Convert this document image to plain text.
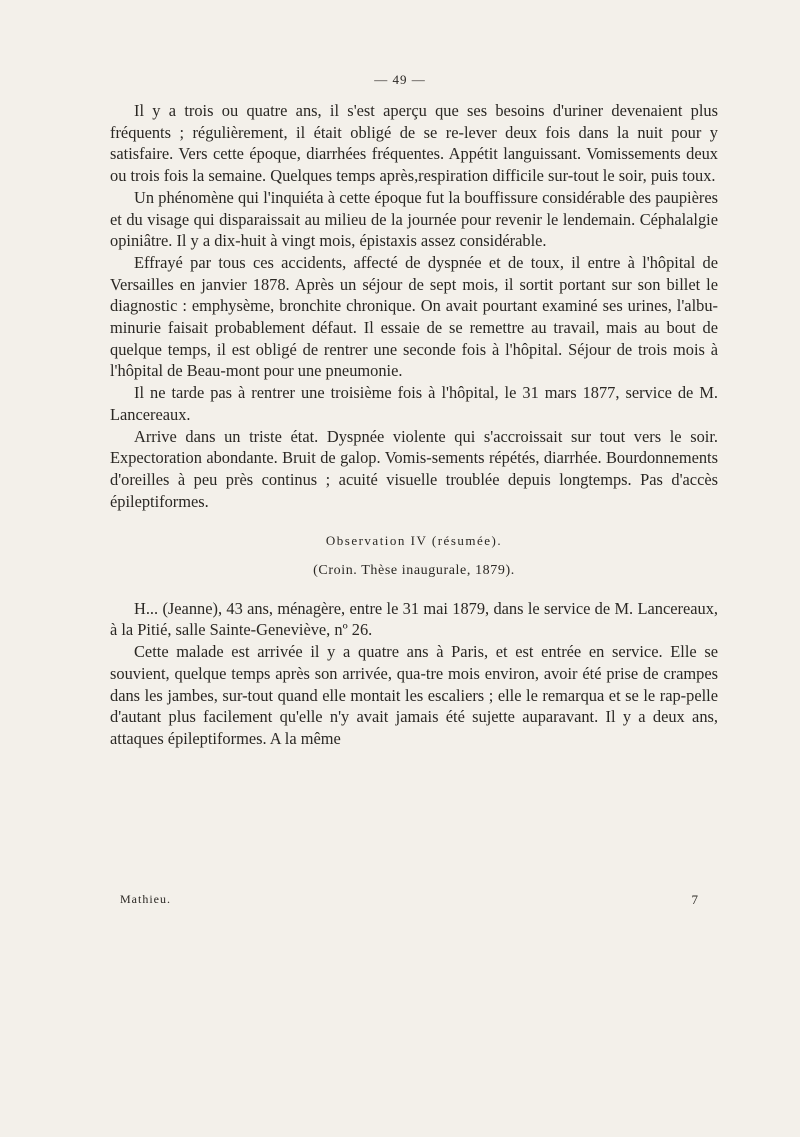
— 49 —

Il y a trois ou quatre ans, il s'est aperçu que ses besoins d'uriner devenaient plus fréquents ; régulièrement, il était obligé de se re-lever deux fois dans la nuit pour y satisfaire. Vers cette époque, diarrhées fréquentes. Appétit languissant. Vomissements deux ou trois fois la semaine. Quelques temps après,respiration difficile sur-tout le soir, puis toux.

Un phénomène qui l'inquiéta à cette époque fut la bouffissure considérable des paupières et du visage qui disparaissait au milieu de la journée pour revenir le lendemain. Céphalalgie opiniâtre. Il y a dix-huit à vingt mois, épistaxis assez considérable.

Effrayé par tous ces accidents, affecté de dyspnée et de toux, il entre à l'hôpital de Versailles en janvier 1878. Après un séjour de sept mois, il sortit portant sur son billet le diagnostic : emphysème, bronchite chronique. On avait pourtant examiné ses urines, l'albu-minurie faisait probablement défaut. Il essaie de se remettre au travail, mais au bout de quelque temps, il est obligé de rentrer une seconde fois à l'hôpital. Séjour de trois mois à l'hôpital de Beau-mont pour une pneumonie.

Il ne tarde pas à rentrer une troisième fois à l'hôpital, le 31 mars 1877, service de M. Lancereaux.

Arrive dans un triste état. Dyspnée violente qui s'accroissait sur tout vers le soir. Expectoration abondante. Bruit de galop. Vomis-sements répétés, diarrhée. Bourdonnements d'oreilles à peu près continus ; acuité visuelle troublée depuis longtemps. Pas d'accès épileptiformes.

Observation IV (résumée).
(Croin. Thèse inaugurale, 1879).

H... (Jeanne), 43 ans, ménagère, entre le 31 mai 1879, dans le service de M. Lancereaux, à la Pitié, salle Sainte-Geneviève, nº 26.

Cette malade est arrivée il y a quatre ans à Paris, et est entrée en service. Elle se souvient, quelque temps après son arrivée, qua-tre mois environ, avoir été prise de crampes dans les jambes, sur-tout quand elle montait les escaliers ; elle le remarqua et se le rap-pelle d'autant plus facilement qu'elle n'y avait jamais été sujette auparavant. Il y a deux ans, attaques épileptiformes. A la même

Mathieu.	7
